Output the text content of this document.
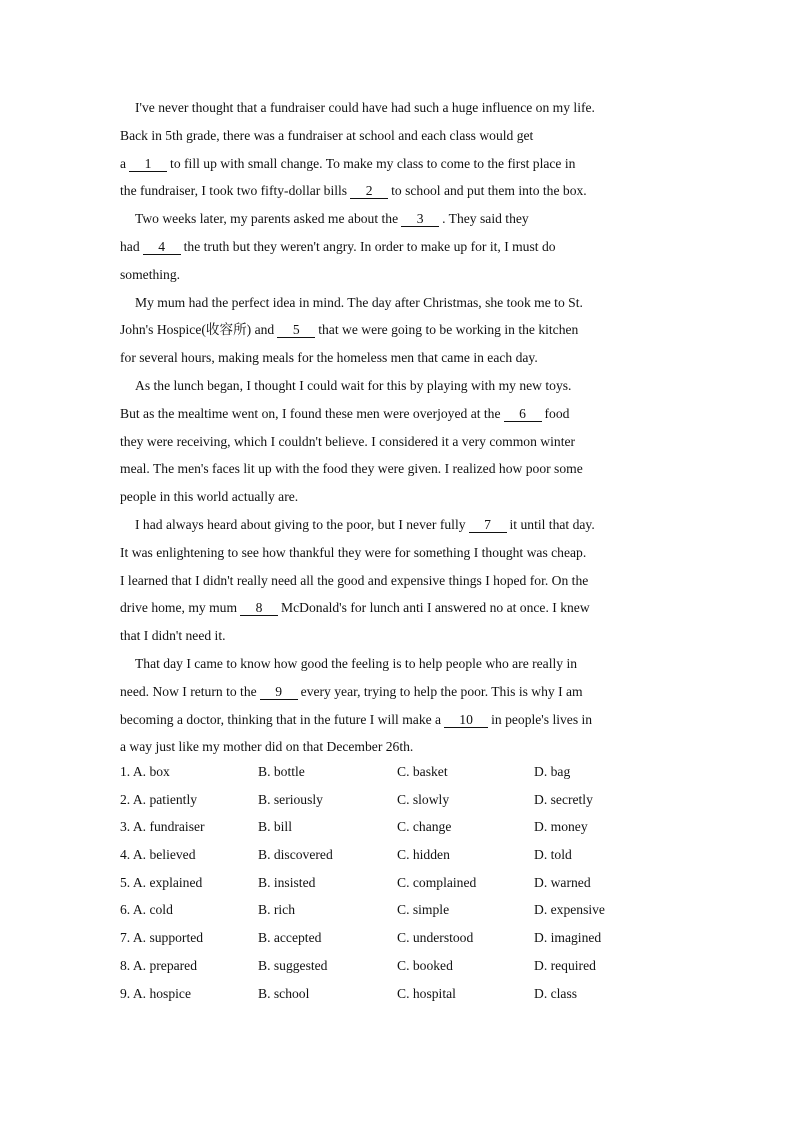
I've never thought that a fundraiser could have had such a huge influence on my life.
Back in 5th grade, there was a fundraiser at school and each class would get
a 1 to fill up with small change. To make my class to come to the first place in
the fundraiser, I took two fifty-dollar bills 2 to school and put them into the box.
Two weeks later, my parents asked me about the 3 . They said they
had 4 the truth but they weren't angry. In order to make up for it, I must do
something.
My mum had the perfect idea in mind. The day after Christmas, she took me to St.
John's Hospice(收容所) and 5 that we were going to be working in the kitchen
for several hours, making meals for the homeless men that came in each day.
As the lunch began, I thought I could wait for this by playing with my new toys.
But as the mealtime went on, I found these men were overjoyed at the 6 food
they were receiving, which I couldn't believe. I considered it a very common winter
meal. The men's faces lit up with the food they were given. I realized how poor some
people in this world actually are.
I had always heard about giving to the poor, but I never fully 7 it until that day.
It was enlightening to see how thankful they were for something I thought was cheap.
I learned that I didn't really need all the good and expensive things I hoped for. On the
drive home, my mum 8 McDonald's for lunch anti I answered no at once. I knew
that I didn't need it.
That day I came to know how good the feeling is to help people who are really in
need. Now I return to the 9 every year, trying to help the poor. This is why I am
becoming a doctor, thinking that in the future I will make a 10 in people's lives in
a way just like my mother did on that December 26th.
1. A. box	B. bottle	C. basket	D. bag
2. A. patiently	B. seriously	C. slowly	D. secretly
3. A. fundraiser	B. bill	C. change	D. money
4. A. believed	B. discovered	C. hidden	D. told
5. A. explained	B. insisted	C. complained	D. warned
6. A. cold	B. rich	C. simple	D. expensive
7. A. supported	B. accepted	C. understood	D. imagined
8. A. prepared	B. suggested	C. booked	D. required
9. A. hospice	B. school	C. hospital	D. class
